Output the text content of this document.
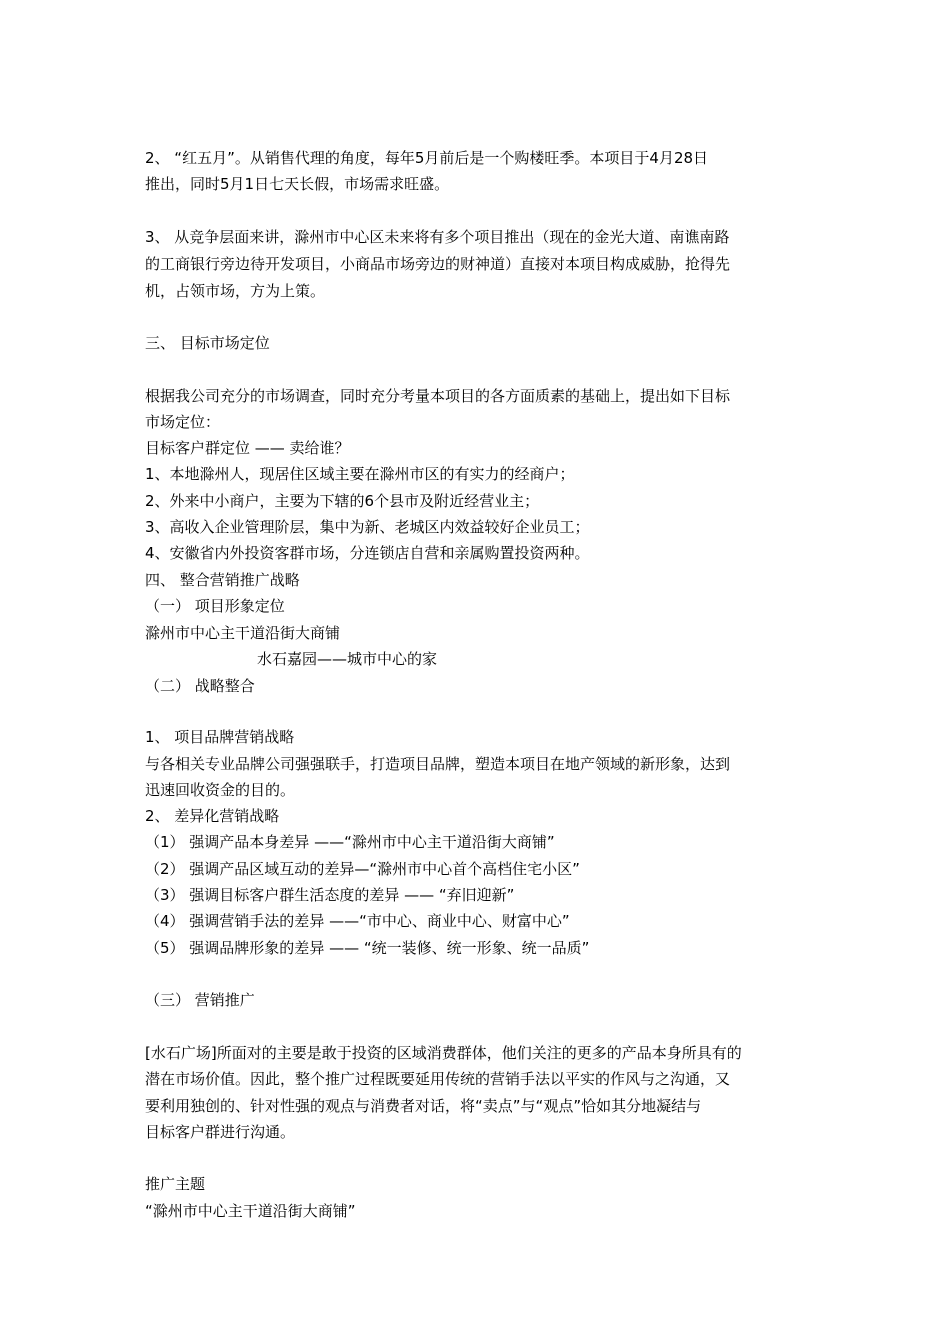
2、 “红五月”。从销售代理的角度，每年5月前后是一个购楼旺季。本项目于4月28日
推出，同时5月1日七天长假，市场需求旺盛。
3、 从竞争层面来讲，滁州市中心区未来将有多个项目推出（现在的金光大道、南谯南路
的工商银行旁边待开发项目，小商品市场旁边的财神道）直接对本项目构成威胁，抢得先
机，占领市场，方为上策。
三、 目标市场定位
根据我公司充分的市场调查，同时充分考量本项目的各方面质素的基础上，提出如下目标
市场定位：
目标客户群定位 —— 卖给谁？
1、本地滁州人，现居住区域主要在滁州市区的有实力的经商户；
2、外来中小商户，主要为下辖的6个县市及附近经营业主；
3、高收入企业管理阶层，集中为新、老城区内效益较好企业员工；
4、安徽省内外投资客群市场，分连锁店自营和亲属购置投资两种。
四、 整合营销推广战略
（一） 项目形象定位
滁州市中心主干道沿街大商铺
水石嘉园——城市中心的家
（二） 战略整合
1、 项目品牌营销战略
与各相关专业品牌公司强强联手，打造项目品牌，塑造本项目在地产领域的新形象，达到
迅速回收资金的目的。
2、 差异化营销战略
（1） 强调产品本身差异 ——“滁州市中心主干道沿街大商铺”
（2） 强调产品区域互动的差异—“滁州市中心首个高档住宅小区”
（3） 强调目标客户群生活态度的差异 —— “弃旧迎新”
（4） 强调营销手法的差异 ——“市中心、商业中心、财富中心”
（5） 强调品牌形象的差异 —— “统一装修、统一形象、统一品质”
（三） 营销推广
[水石广场]所面对的主要是敢于投资的区域消费群体，他们关注的更多的产品本身所具有的
潜在市场价值。因此，整个推广过程既要延用传统的营销手法以平实的作风与之沟通，又
要利用独创的、针对性强的观点与消费者对话，将“卖点”与“观点”恰如其分地凝结与
目标客户群进行沟通。
推广主题
“滁州市中心主干道沿街大商铺”
